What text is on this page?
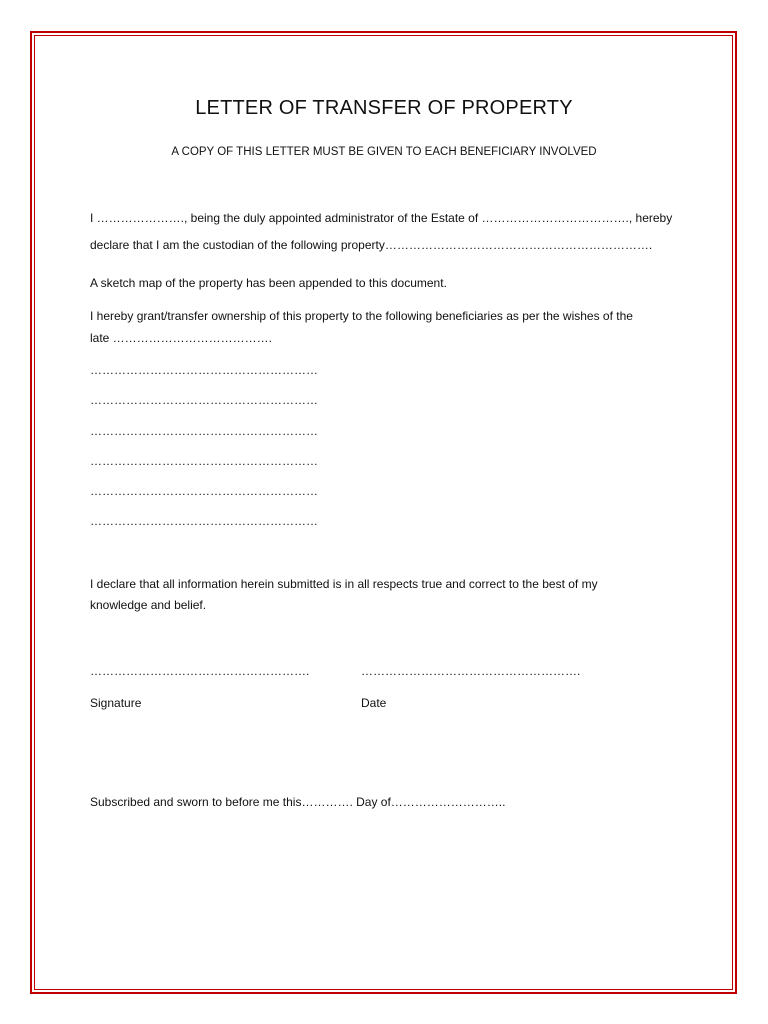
LETTER OF TRANSFER OF PROPERTY
A COPY OF THIS LETTER MUST BE GIVEN TO EACH BENEFICIARY INVOLVED
I …………………., being the duly appointed administrator of the Estate of ………………………………., hereby
declare that I am the custodian of the following property………………………………………………………….
A sketch map of the property has been appended to this document.
I hereby grant/transfer ownership of this property to the following beneficiaries as per the wishes of the
late ………………………………….
…………………………………………………
…………………………………………………
…………………………………………………
…………………………………………………
…………………………………………………
…………………………………………………
I declare that all information herein submitted is in all respects true and correct to the best of my
knowledge and belief.
……………………………………………….	……………………………………………….
Signature	Date
Subscribed and sworn to before me this…………. Day of………………………..
